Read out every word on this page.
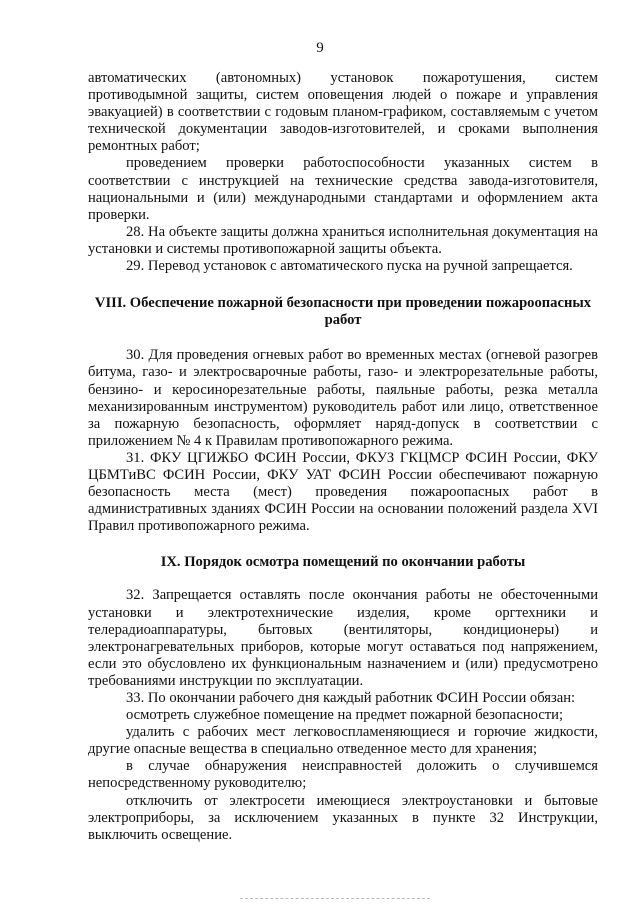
9

автоматических (автономных) установок пожаротушения, систем противодымной защиты, систем оповещения людей о пожаре и управления эвакуацией) в соответствии с годовым планом-графиком, составляемым с учетом технической документации заводов-изготовителей, и сроками выполнения ремонтных работ;

проведением проверки работоспособности указанных систем в соответствии с инструкцией на технические средства завода-изготовителя, национальными и (или) международными стандартами и оформлением акта проверки.

28. На объекте защиты должна храниться исполнительная документация на установки и системы противопожарной защиты объекта.

29. Перевод установок с автоматического пуска на ручной запрещается.

VIII. Обеспечение пожарной безопасности при проведении пожароопасных работ

30. Для проведения огневых работ во временных местах (огневой разогрев битума, газо- и электросварочные работы, газо- и электрорезательные работы, бензино- и керосинорезательные работы, паяльные работы, резка металла механизированным инструментом) руководитель работ или лицо, ответственное за пожарную безопасность, оформляет наряд-допуск в соответствии с приложением № 4 к Правилам противопожарного режима.

31. ФКУ ЦГИЖБО ФСИН России, ФКУЗ ГКЦМСР ФСИН России, ФКУ ЦБМТиВС ФСИН России, ФКУ УАТ ФСИН России обеспечивают пожарную безопасность места (мест) проведения пожароопасных работ в административных зданиях ФСИН России на основании положений раздела XVI Правил противопожарного режима.

IX. Порядок осмотра помещений по окончании работы

32. Запрещается оставлять после окончания работы не обесточенными установки и электротехнические изделия, кроме оргтехники и телерадиоаппаратуры, бытовых (вентиляторы, кондиционеры) и электронагревательных приборов, которые могут оставаться под напряжением, если это обусловлено их функциональным назначением и (или) предусмотрено требованиями инструкции по эксплуатации.

33. По окончании рабочего дня каждый работник ФСИН России обязан:

осмотреть служебное помещение на предмет пожарной безопасности;

удалить с рабочих мест легковоспламеняющиеся и горючие жидкости, другие опасные вещества в специально отведенное место для хранения;

в случае обнаружения неисправностей доложить о случившемся непосредственному руководителю;

отключить от электросети имеющиеся электроустановки и бытовые электроприборы, за исключением указанных в пункте 32 Инструкции, выключить освещение.
